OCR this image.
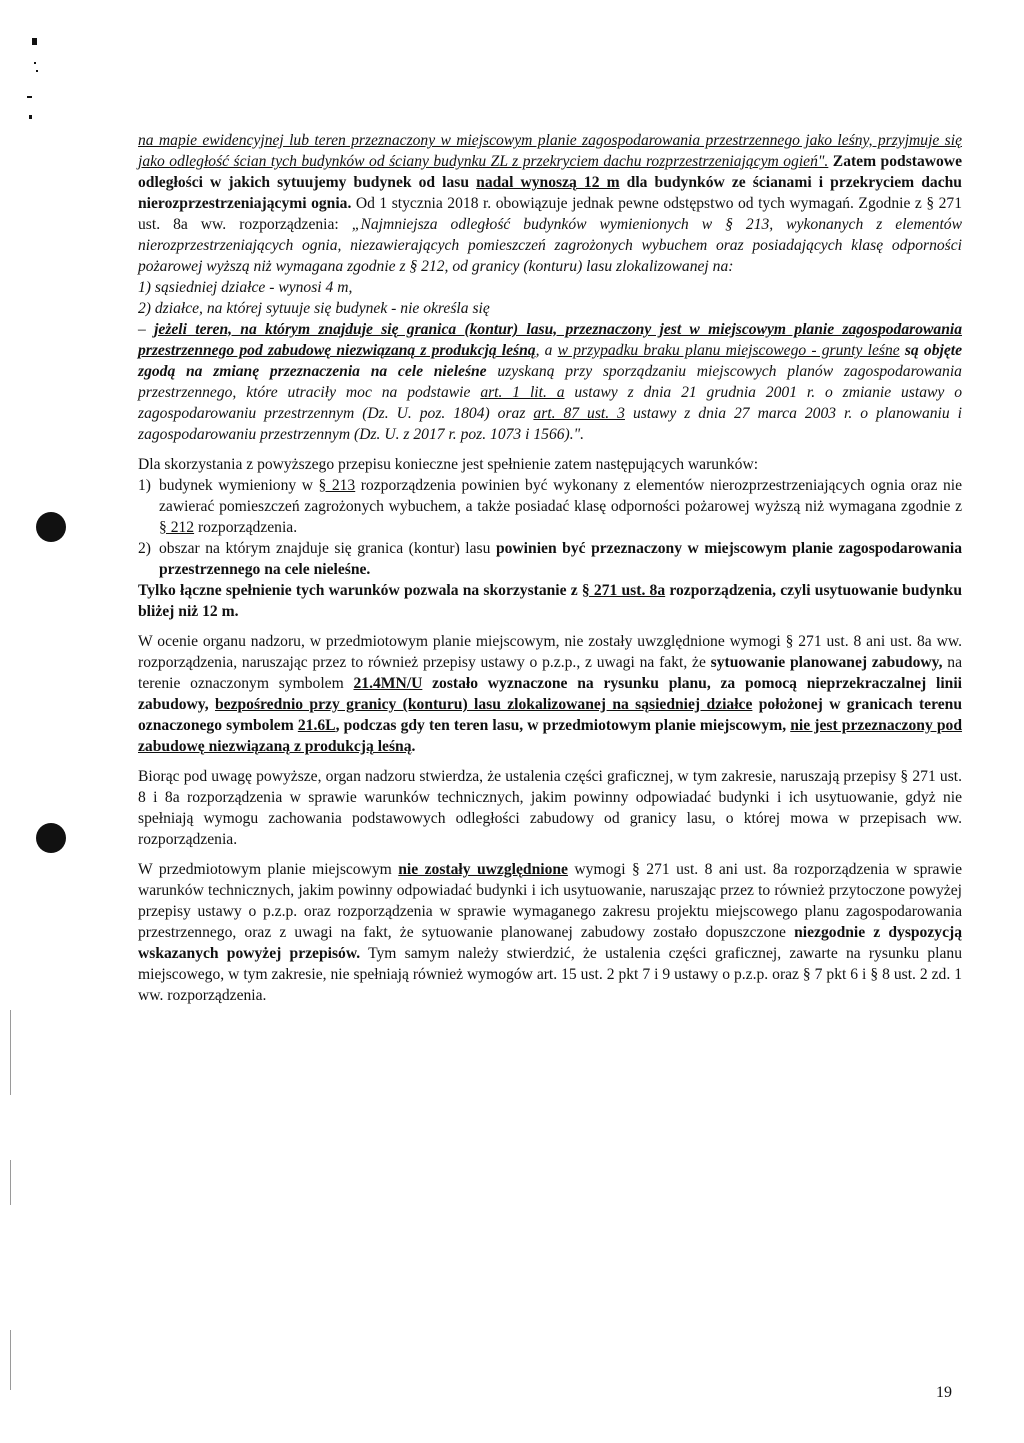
na mapie ewidencyjnej lub teren przeznaczony w miejscowym planie zagospodarowania przestrzennego jako leśny, przyjmuje się jako odległość ścian tych budynków od ściany budynku ZL z przekryciem dachu rozprzestrzeniającym ogień". Zatem podstawowe odległości w jakich sytuujemy budynek od lasu nadal wynoszą 12 m dla budynków ze ścianami i przekryciem dachu nierozprzestrzeniającymi ognia. Od 1 stycznia 2018 r. obowiązuje jednak pewne odstępstwo od tych wymagań. Zgodnie z § 271 ust. 8a ww. rozporządzenia: „Najmniejsza odległość budynków wymienionych w § 213, wykonanych z elementów nierozprzestrzeniających ognia, niezawierających pomieszczeń zagrożonych wybuchem oraz posiadających klasę odporności pożarowej wyższą niż wymagana zgodnie z § 212, od granicy (konturu) lasu zlokalizowanej na:

1) sąsiedniej działce - wynosi 4 m,

2) działce, na której sytuuje się budynek - nie określa się

– jeżeli teren, na którym znajduje się granica (kontur) lasu, przeznaczony jest w miejscowym planie zagospodarowania przestrzennego pod zabudowę niezwiązaną z produkcją leśną, a w przypadku braku planu miejscowego - grunty leśne są objęte zgodą na zmianę przeznaczenia na cele nieleśne uzyskaną przy sporządzaniu miejscowych planów zagospodarowania przestrzennego, które utraciły moc na podstawie art. 1 lit. a ustawy z dnia 21 grudnia 2001 r. o zmianie ustawy o zagospodarowaniu przestrzennym (Dz. U. poz. 1804) oraz art. 87 ust. 3 ustawy z dnia 27 marca 2003 r. o planowaniu i zagospodarowaniu przestrzennym (Dz. U. z 2017 r. poz. 1073 i 1566).".

Dla skorzystania z powyższego przepisu konieczne jest spełnienie zatem następujących warunków:

1) budynek wymieniony w § 213 rozporządzenia powinien być wykonany z elementów nierozprzestrzeniających ognia oraz nie zawierać pomieszczeń zagrożonych wybuchem, a także posiadać klasę odporności pożarowej wyższą niż wymagana zgodnie z § 212 rozporządzenia.
2) obszar na którym znajduje się granica (kontur) lasu powinien być przeznaczony w miejscowym planie zagospodarowania przestrzennego na cele nieleśne.

Tylko łączne spełnienie tych warunków pozwala na skorzystanie z § 271 ust. 8a rozporządzenia, czyli usytuowanie budynku bliżej niż 12 m.

W ocenie organu nadzoru, w przedmiotowym planie miejscowym, nie zostały uwzględnione wymogi § 271 ust. 8 ani ust. 8a ww. rozporządzenia, naruszając przez to również przepisy ustawy o p.z.p., z uwagi na fakt, że sytuowanie planowanej zabudowy, na terenie oznaczonym symbolem 21.4MN/U zostało wyznaczone na rysunku planu, za pomocą nieprzekraczalnej linii zabudowy, bezpośrednio przy granicy (konturu) lasu zlokalizowanej na sąsiedniej działce położonej w granicach terenu oznaczonego symbolem 21.6L, podczas gdy ten teren lasu, w przedmiotowym planie miejscowym, nie jest przeznaczony pod zabudowę niezwiązaną z produkcją leśną.

Biorąc pod uwagę powyższe, organ nadzoru stwierdza, że ustalenia części graficznej, w tym zakresie, naruszają przepisy § 271 ust. 8 i 8a rozporządzenia w sprawie warunków technicznych, jakim powinny odpowiadać budynki i ich usytuowanie, gdyż nie spełniają wymogu zachowania podstawowych odległości zabudowy od granicy lasu, o której mowa w przepisach ww. rozporządzenia.

W przedmiotowym planie miejscowym nie zostały uwzględnione wymogi § 271 ust. 8 ani ust. 8a rozporządzenia w sprawie warunków technicznych, jakim powinny odpowiadać budynki i ich usytuowanie, naruszając przez to również przytoczone powyżej przepisy ustawy o p.z.p. oraz rozporządzenia w sprawie wymaganego zakresu projektu miejscowego planu zagospodarowania przestrzennego, oraz z uwagi na fakt, że sytuowanie planowanej zabudowy zostało dopuszczone niezgodnie z dyspozycją wskazanych powyżej przepisów. Tym samym należy stwierdzić, że ustalenia części graficznej, zawarte na rysunku planu miejscowego, w tym zakresie, nie spełniają również wymogów art. 15 ust. 2 pkt 7 i 9 ustawy o p.z.p. oraz § 7 pkt 6 i § 8 ust. 2 zd. 1 ww. rozporządzenia.

19
